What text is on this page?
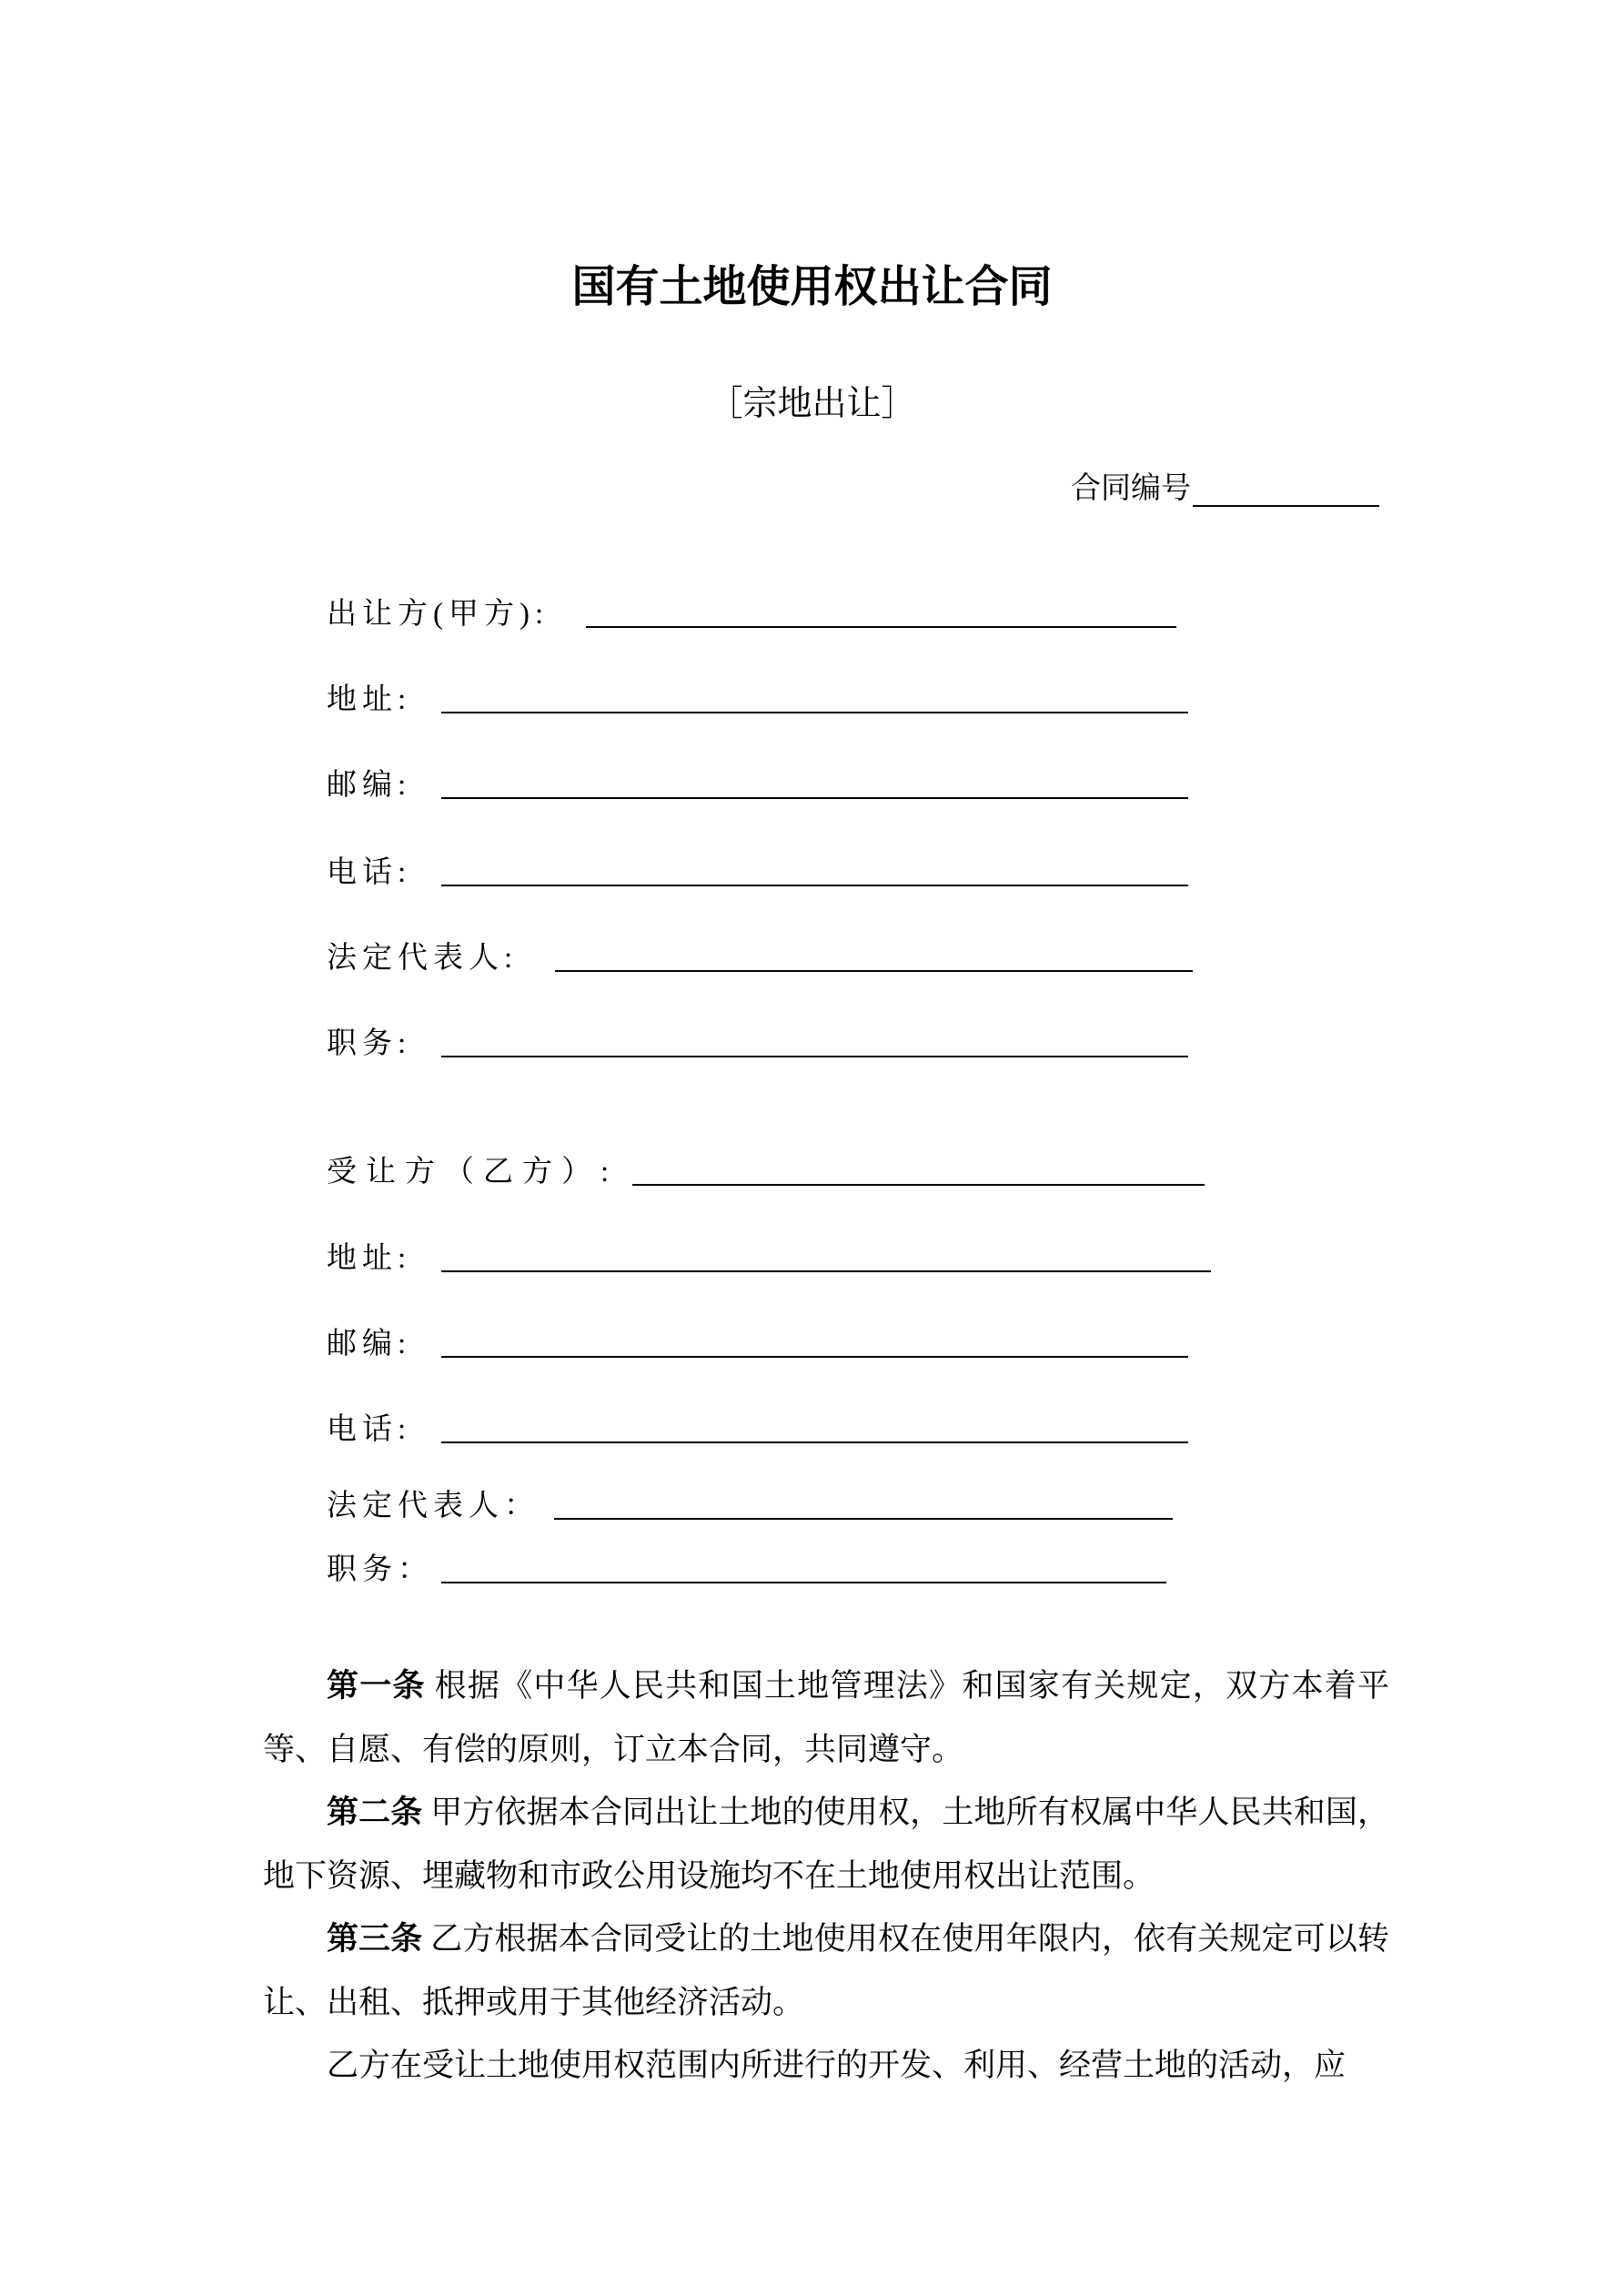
国有土地使用权出让合同
［宗地出让］
合同编号
出让方(甲方):
地址:
邮编:
电话:
法定代表人:
职务:
受让方（乙方）:
地址:
邮编:
电话:
法定代表人：
职务：

第一条 根据《中华人民共和国土地管理法》和国家有关规定，双方本着平等、自愿、有偿的原则，订立本合同，共同遵守。

第二条 甲方依据本合同出让土地的使用权，土地所有权属中华人民共和国，地下资源、埋藏物和市政公用设施均不在土地使用权出让范围。

第三条 乙方根据本合同受让的土地使用权在使用年限内，依有关规定可以转让、出租、抵押或用于其他经济活动。

乙方在受让土地使用权范围内所进行的开发、利用、经营土地的活动，应
